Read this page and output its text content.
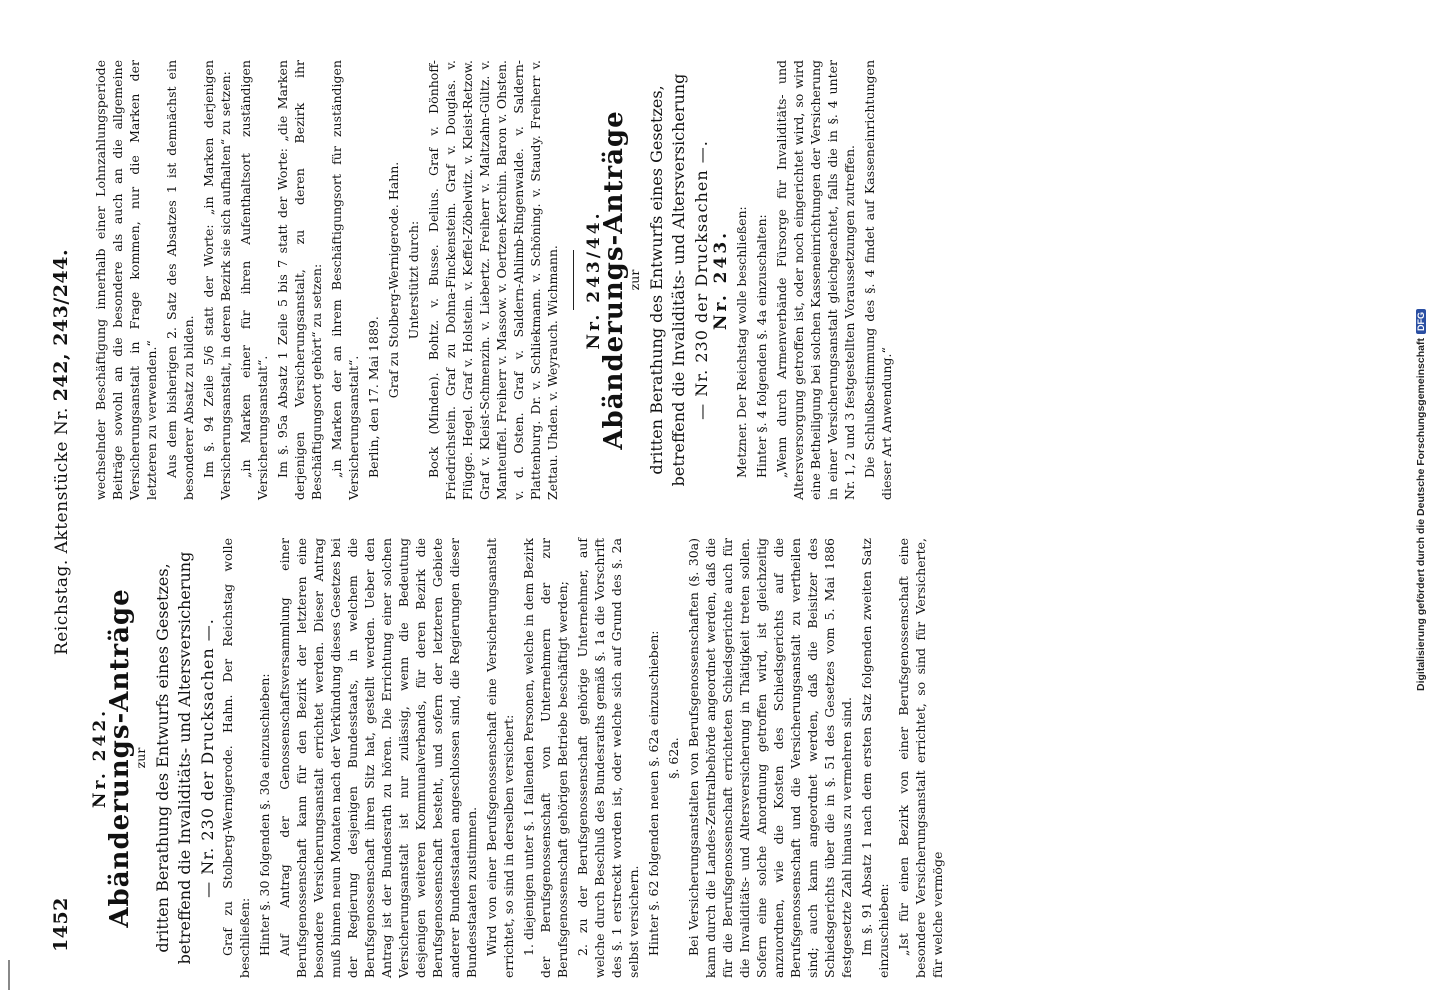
1452
Reichstag. Aktenstücke Nr. 242, 243/244.

Nr. 242.

Abänderungs-Anträge

zur dritten Berathung des Entwurfs eines Gesetzes, betreffend die Invaliditäts- und Altersversicherung — Nr. 230 der Drucksachen —. Graf zu Stolberg-Wernigerode. Hahn. Der Reichstag wolle beschließen: Hinter §. 30 folgenden §. 30a einzuschieben: Auf Antrag der Genossenschaftsversammlung einer Berufsgenossenschaft kann für den Bezirk der letzteren eine besondere Versicherungsanstalt errichtet werden. Dieser Antrag muß binnen neun Monaten nach der Verkündung dieses Gesetzes bei der Regierung desjenigen Bundesstaats, in welchem die Berufsgenossenschaft ihren Sitz hat, gestellt werden. Ueber den Antrag ist der Bundesrath zu hören. Die Errichtung einer solchen Versicherungsanstalt ist nur zulässig, wenn die Bedeutung desjenigen weiteren Kommunalverbands, für deren Bezirk die Berufsgenossenschaft besteht, und sofern der letzteren Gebiete anderer Bundesstaaten angeschlossen sind, die Regierungen dieser Bundesstaaten zustimmen. Wird von einer Berufsgenossenschaft eine Versicherungsanstalt errichtet, so sind in derselben versichert: 1. diejenigen unter §. 1 fallenden Personen, welche in dem Bezirk der Berufsgenossenschaft von Unternehmern der zur Berufsgenossenschaft gehörigen Betriebe beschäftigt werden; 2. zu der Berufsgenossenschaft gehörige Unternehmer, auf welche durch Beschluß des Bundesraths gemäß §. 1a die Vorschrift des §. 1 erstreckt worden ist, oder welche sich auf Grund des §. 2a selbst versichern. Hinter §. 62 folgenden neuen §. 62a einzuschieben: §. 62a. Bei Versicherungsanstalten von Berufsgenossenschaften (§. 30a) kann durch die Landes-Zentralbehörde angeordnet werden, daß die für die Berufsgenossenschaft errichteten Schiedsgerichte auch für die Invaliditäts- und Altersversicherung in Thätigkeit treten sollen. Sofern eine solche Anordnung getroffen wird, ist gleichzeitig anzuordnen, wie die Kosten des Schiedsgerichts auf die Berufsgenossenschaft und die Versicherungsanstalt zu vertheilen sind; auch kann angeordnet werden, daß die Beisitzer des Schiedsgerichts über die in §. 51 des Gesetzes vom 5. Mai 1886 festgesetzte Zahl hinaus zu vermehren sind. Im §. 91 Absatz 1 nach dem ersten Satz folgenden zweiten Satz einzuschieben: „Ist für einen Bezirk von einer Berufsgenossenschaft eine besondere Versicherungsanstalt errichtet, so sind für Versicherte, für welche vermöge

wechselnder Beschäftigung innerhalb einer Lohnzahlungsperiode Beiträge sowohl an die besondere als auch an die allgemeine Versicherungsanstalt in Frage kommen, nur die Marken der letzteren zu verwenden.“ Aus dem bisherigen 2. Satz des Absatzes 1 ist demnächst ein besonderer Absatz zu bilden. Im §. 94 Zeile 5/6 statt der Worte: „in Marken derjenigen Versicherungsanstalt, in deren Bezirk sie sich aufhalten“ zu setzen: „in Marken einer für ihren Aufenthaltsort zuständigen Versicherungsanstalt“. Im §. 95a Absatz 1 Zeile 5 bis 7 statt der Worte: „die Marken derjenigen Versicherungsanstalt, zu deren Bezirk ihr Beschäftigungsort gehört“ zu setzen: „in Marken der an ihrem Beschäftigungsort für zuständigen Versicherungsanstalt“. Berlin, den 17. Mai 1889. Graf zu Stolberg-Wernigerode. Hahn. Unterstützt durch: Bock (Minden). Bohtz. v. Busse. Delius. Graf v. Dönhoff-Friedrichstein. Graf zu Dohna-Finckenstein. Graf v. Douglas. v. Flügge. Hegel. Graf v. Holstein. v. Keffel-Zöbelwitz. v. Kleist-Retzow. Graf v. Kleist-Schmenzin. v. Liebertz. Freiherr v. Maltzahn-Gültz. v. Manteuffel. Freiherr v. Massow. v. Oertzen-Kerchin. Baron v. Ohsten. v. d. Osten. Graf v. Saldern-Ahlimb-Ringenwalde. v. Saldern-Plattenburg. Dr. v. Schliekmann. v. Schöning. v. Staudy. Freiherr v. Zettau. Uhden. v. Weyrauch. Wichmann. Nr. 243/44.

Abänderungs-Anträge

zur dritten Berathung des Entwurfs eines Gesetzes, betreffend die Invaliditäts- und Altersversicherung — Nr. 230 der Drucksachen —. Nr. 243. Metzner. Der Reichstag wolle beschließen: Hinter §. 4 folgenden §. 4a einzuschalten: „Wenn durch Armenverbände Fürsorge für Invaliditäts- und Altersversorgung getroffen ist, oder noch eingerichtet wird, so wird eine Betheiligung bei solchen Kasseneinrichtungen der Versicherung in einer Versicherungsanstalt gleichgeachtet, falls die in §. 4 unter Nr. 1, 2 und 3 festgestellten Voraussetzungen zutreffen. Die Schlußbestimmung des §. 4 findet auf Kasseneinrichtungen dieser Art Anwendung.“	Digitalisierung gefördert durch die Deutsche ForschungsgemeinschaftDFG
